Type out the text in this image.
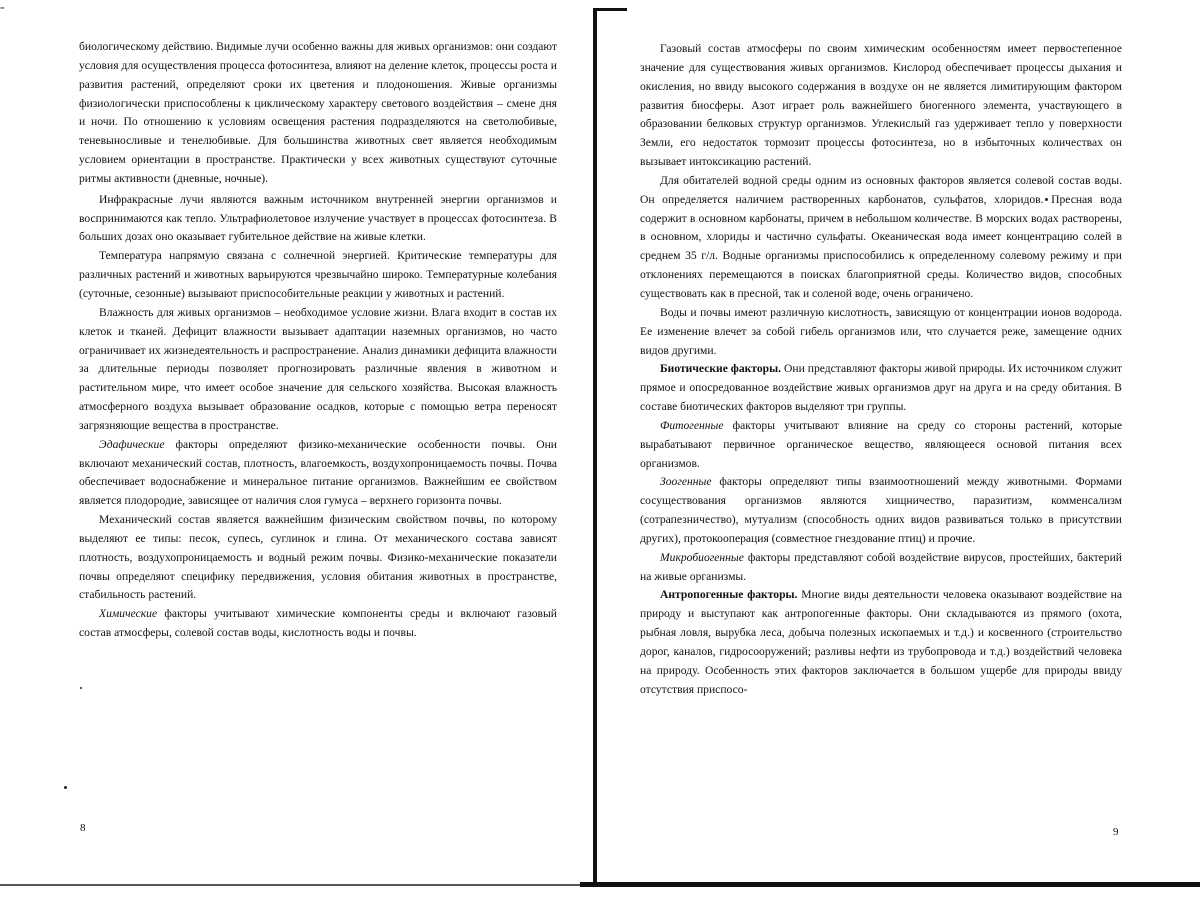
-

биологическому действию. Видимые лучи особенно важны для живых организмов: они создают условия для осуществления процесса фотосинтеза, влияют на деление клеток, процессы роста и развития растений, определяют сроки их цветения и плодоношения. Живые организмы физиологически приспособлены к циклическому характеру светового воздействия – смене дня и ночи. По отношению к условиям освещения растения подразделяются на светолюбивые, теневыносливые и тенелюбивые. Для большинства животных свет является необходимым условием ориентации в пространстве. Практически у всех животных существуют суточные ритмы активности (дневные, ночные).

Инфракрасные лучи являются важным источником внутренней энергии организмов и воспринимаются как тепло. Ультрафиолетовое излучение участвует в процессах фотосинтеза. В больших дозах оно оказывает губительное действие на живые клетки.

Температура напрямую связана с солнечной энергией. Критические температуры для различных растений и животных варьируются чрезвычайно широко. Температурные колебания (суточные, сезонные) вызывают приспособительные реакции у животных и растений.

Влажность для живых организмов – необходимое условие жизни. Влага входит в состав их клеток и тканей. Дефицит влажности вызывает адаптации наземных организмов, но часто ограничивает их жизнедеятельность и распространение. Анализ динамики дефицита влажности за длительные периоды позволяет прогнозировать различные явления в животном и растительном мире, что имеет особое значение для сельского хозяйства. Высокая влажность атмосферного воздуха вызывает образование осадков, которые с помощью ветра переносят загрязняющие вещества в пространстве.

Эдафические факторы определяют физико-механические особенности почвы. Они включают механический состав, плотность, влагоемкость, воздухопроницаемость почвы. Почва обеспечивает водоснабжение и минеральное питание организмов. Важнейшим ее свойством является плодородие, зависящее от наличия слоя гумуса – верхнего горизонта почвы.

Механический состав является важнейшим физическим свойством почвы, по которому выделяют ее типы: песок, супесь, суглинок и глина. От механического состава зависят плотность, воздухопроницаемость и водный режим почвы. Физико-механические показатели почвы определяют специфику передвижения, условия обитания животных в пространстве, стабильность растений.

Химические факторы учитывают химические компоненты среды и включают газовый состав атмосферы, солевой состав воды, кислотность воды и почвы.

8

Газовый состав атмосферы по своим химическим особенностям имеет первостепенное значение для существования живых организмов. Кислород обеспечивает процессы дыхания и окисления, но ввиду высокого содержания в воздухе он не является лимитирующим фактором развития биосферы. Азот играет роль важнейшего биогенного элемента, участвующего в образовании белковых структур организмов. Углекислый газ удерживает тепло у поверхности Земли, его недостаток тормозит процессы фотосинтеза, но в избыточных количествах он вызывает интоксикацию растений.

Для обитателей водной среды одним из основных факторов является солевой состав воды. Он определяется наличием растворенных карбонатов, сульфатов, хлоридов. Пресная вода содержит в основном карбонаты, причем в небольшом количестве. В морских водах растворены, в основном, хлориды и частично сульфаты. Океаническая вода имеет концентрацию солей в среднем 35 г/л. Водные организмы приспособились к определенному солевому режиму и при отклонениях перемещаются в поисках благоприятной среды. Количество видов, способных существовать как в пресной, так и соленой воде, очень ограничено.

Воды и почвы имеют различную кислотность, зависящую от концентрации ионов водорода. Ее изменение влечет за собой гибель организмов или, что случается реже, замещение одних видов другими.

Биотические факторы. Они представляют факторы живой природы. Их источником служит прямое и опосредованное воздействие живых организмов друг на друга и на среду обитания. В составе биотических факторов выделяют три группы.

Фитогенные факторы учитывают влияние на среду со стороны растений, которые вырабатывают первичное органическое вещество, являющееся основой питания всех организмов.

Зоогенные факторы определяют типы взаимоотношений между животными. Формами сосуществования организмов являются хищничество, паразитизм, комменсализм (сотрапезничество), мутуализм (способность одних видов развиваться только в присутствии других), протокооперация (совместное гнездование птиц) и прочие.

Микробиогенные факторы представляют собой воздействие вирусов, простейших, бактерий на живые организмы.

Антропогенные факторы. Многие виды деятельности человека оказывают воздействие на природу и выступают как антропогенные факторы. Они складываются из прямого (охота, рыбная ловля, вырубка леса, добыча полезных ископаемых и т.д.) и косвенного (строительство дорог, каналов, гидросооружений; разливы нефти из трубопровода и т.д.) воздействий человека на природу. Особенность этих факторов заключается в большом ущербе для природы ввиду отсутствия приспосо-

9
